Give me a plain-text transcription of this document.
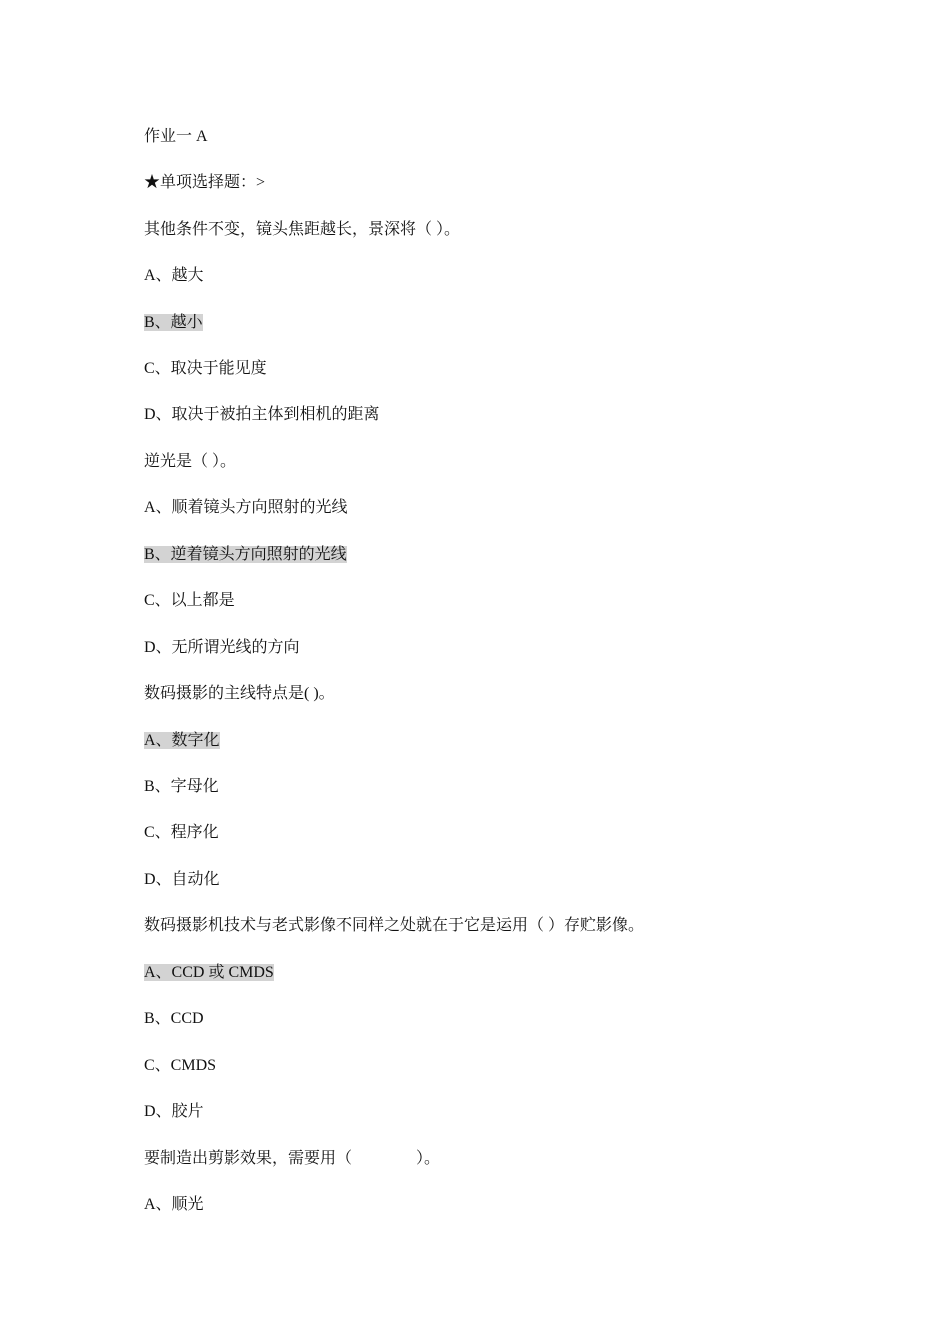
作业一 A
★单项选择题：>
其他条件不变，镜头焦距越长，景深将（ ）。
A、越大
B、越小
C、取决于能见度
D、取决于被拍主体到相机的距离
逆光是（ ）。
A、顺着镜头方向照射的光线
B、逆着镜头方向照射的光线
C、以上都是
D、无所谓光线的方向
数码摄影的主线特点是( )。
A、数字化
B、字母化
C、程序化
D、自动化
数码摄影机技术与老式影像不同样之处就在于它是运用（ ）存贮影像。
A、CCD 或 CMDS
B、CCD
C、CMDS
D、胶片
要制造出剪影效果，需要用（　　　　）。
A、顺光
